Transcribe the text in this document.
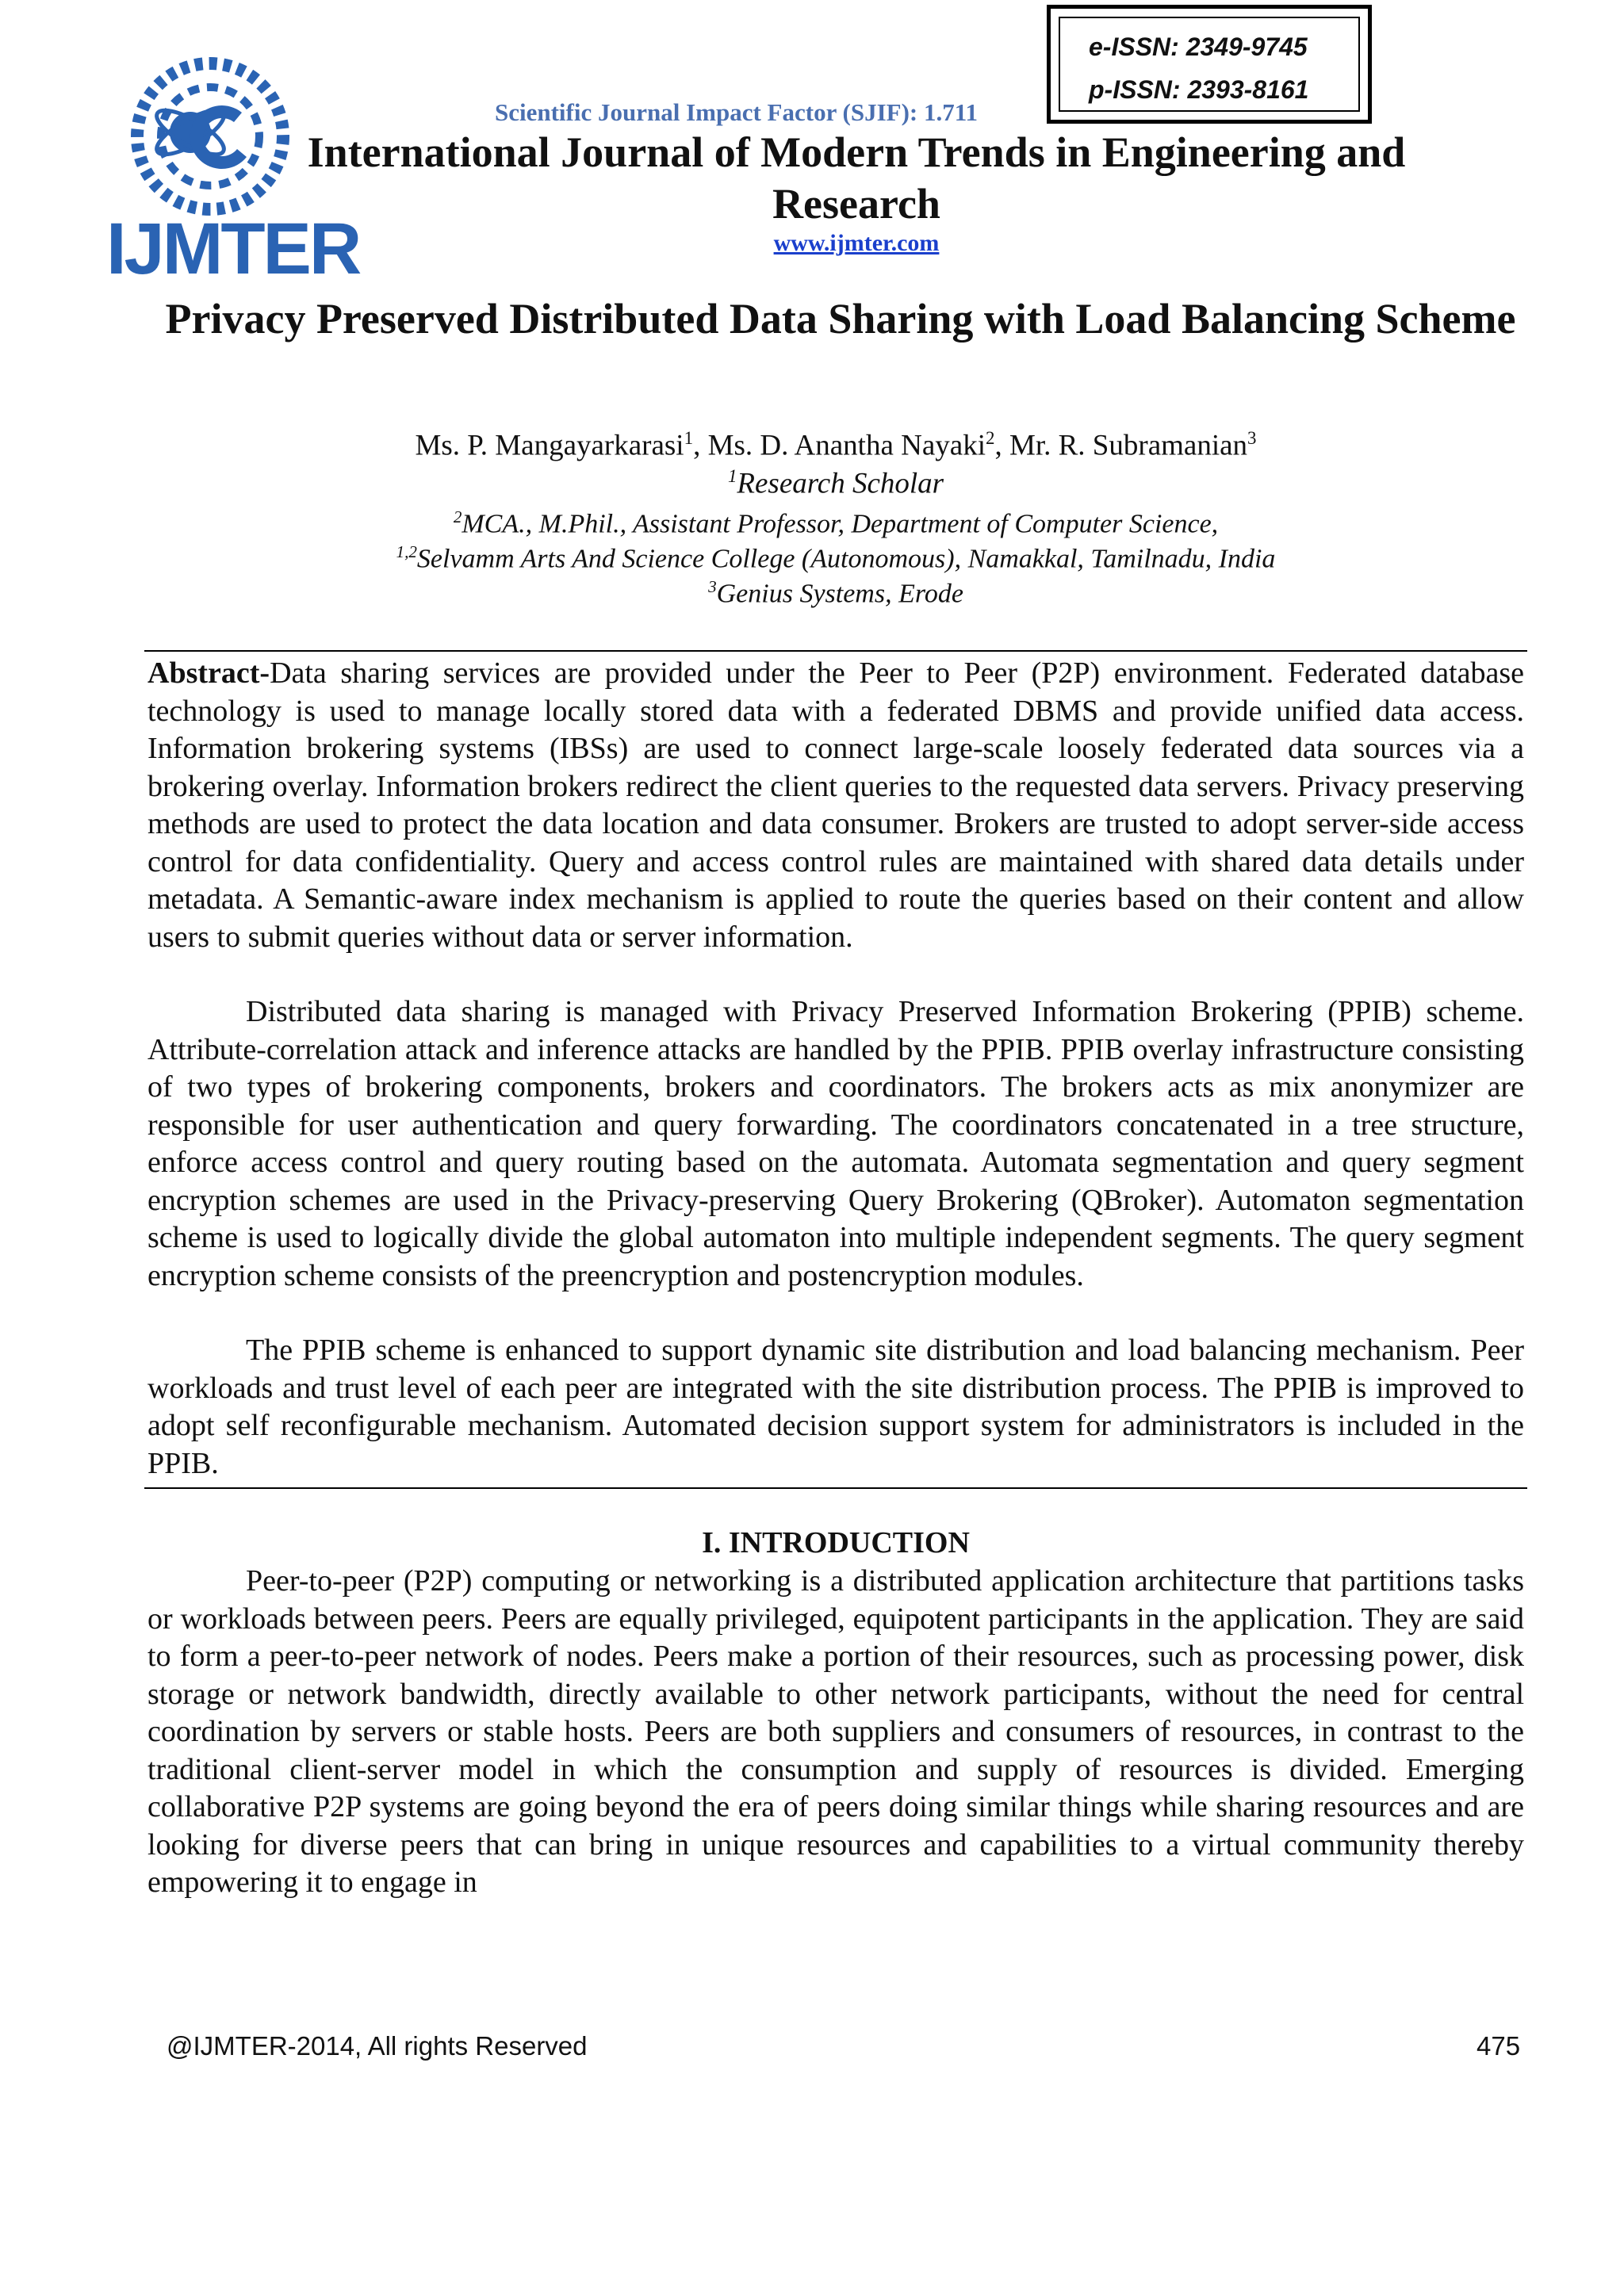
IJMTER
Scientific Journal Impact Factor (SJIF): 1.711
e-ISSN: 2349-9745
p-ISSN: 2393-8161
International Journal of Modern Trends in Engineering and Research
www.ijmter.com
Privacy Preserved Distributed Data Sharing with Load Balancing Scheme
Ms. P. Mangayarkarasi$^1$, Ms. D. Anantha Nayaki$^2$, Mr. R. Subramanian$^3$
$^1$Research Scholar
$^2$MCA., M.Phil., Assistant Professor, Department of Computer Science,
$^{1,2}$Selvamm Arts And Science College (Autonomous), Namakkal, Tamilnadu, India
$^3$Genius Systems, Erode
Abstract-Data sharing services are provided under the Peer to Peer (P2P) environment. Federated database technology is used to manage locally stored data with a federated DBMS and provide unified data access. Information brokering systems (IBSs) are used to connect large-scale loosely federated data sources via a brokering overlay. Information brokers redirect the client queries to the requested data servers. Privacy preserving methods are used to protect the data location and data consumer. Brokers are trusted to adopt server-side access control for data confidentiality. Query and access control rules are maintained with shared data details under metadata. A Semantic-aware index mechanism is applied to route the queries based on their content and allow users to submit queries without data or server information.
Distributed data sharing is managed with Privacy Preserved Information Brokering (PPIB) scheme. Attribute-correlation attack and inference attacks are handled by the PPIB. PPIB overlay infrastructure consisting of two types of brokering components, brokers and coordinators. The brokers acts as mix anonymizer are responsible for user authentication and query forwarding. The coordinators concatenated in a tree structure, enforce access control and query routing based on the automata. Automata segmentation and query segment encryption schemes are used in the Privacy-preserving Query Brokering (QBroker). Automaton segmentation scheme is used to logically divide the global automaton into multiple independent segments. The query segment encryption scheme consists of the preencryption and postencryption modules.
The PPIB scheme is enhanced to support dynamic site distribution and load balancing mechanism. Peer workloads and trust level of each peer are integrated with the site distribution process. The PPIB is improved to adopt self reconfigurable mechanism. Automated decision support system for administrators is included in the PPIB.
I. INTRODUCTION
Peer-to-peer (P2P) computing or networking is a distributed application architecture that partitions tasks or workloads between peers. Peers are equally privileged, equipotent participants in the application. They are said to form a peer-to-peer network of nodes. Peers make a portion of their resources, such as processing power, disk storage or network bandwidth, directly available to other network participants, without the need for central coordination by servers or stable hosts. Peers are both suppliers and consumers of resources, in contrast to the traditional client-server model in which the consumption and supply of resources is divided. Emerging collaborative P2P systems are going beyond the era of peers doing similar things while sharing resources and are looking for diverse peers that can bring in unique resources and capabilities to a virtual community thereby empowering it to engage in
@IJMTER-2014, All rights Reserved	475
